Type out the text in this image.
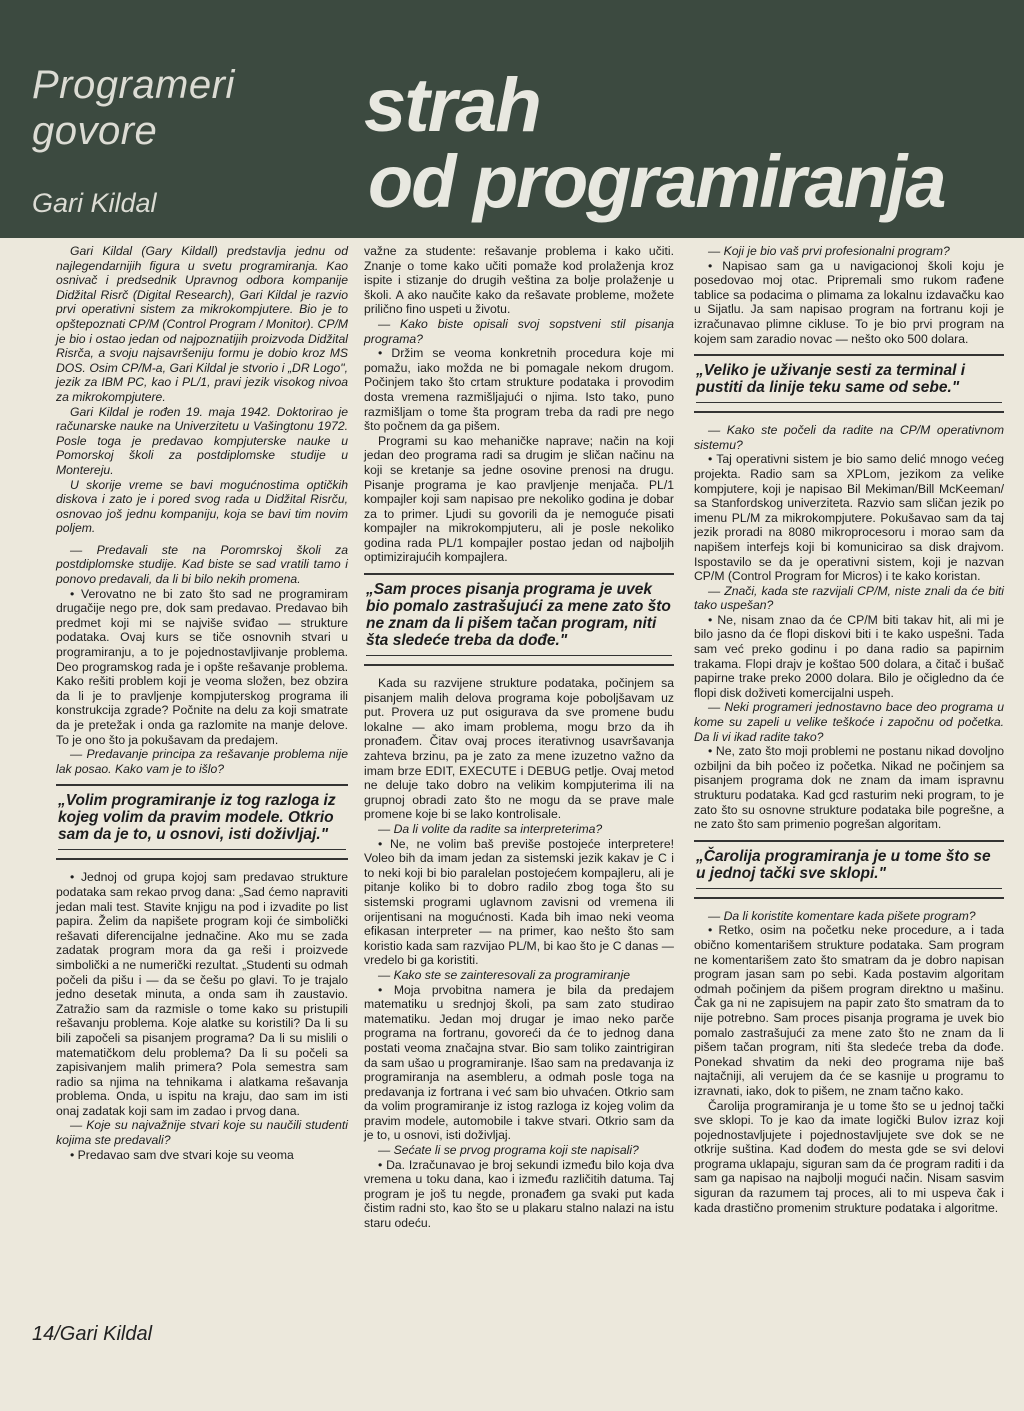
Programeri
govore
Gari Kildal
strah
od programiranja

Gari Kildal (Gary Kildall) predstavlja jednu od najlegendarnijih figura u svetu programiranja. Kao osnivač i predsednik Upravnog odbora kompanije Didžital Risrč (Digital Research), Gari Kildal je razvio prvi operativni sistem za mikrokompjutere. Bio je to opštepoznati CP/M (Control Program / Monitor). CP/M je bio i ostao jedan od najpoznatijih proizvoda Didžital Risrča, a svoju najsavršeniju formu je dobio kroz MS DOS. Osim CP/M-a, Gari Kildal je stvorio i „DR Logo", jezik za IBM PC, kao i PL/1, pravi jezik visokog nivoa za mikrokompjutere.

Gari Kildal je rođen 19. maja 1942. Doktorirao je računarske nauke na Univerzitetu u Vašingtonu 1972. Posle toga je predavao kompjuterske nauke u Pomorskoj školi za postdiplomske studije u Montereju.

U skorije vreme se bavi mogućnostima optičkih diskova i zato je i pored svog rada u Didžital Risrču, osnovao još jednu kompaniju, koja se bavi tim novim poljem.

— Predavali ste na Poromrskoj školi za postdiplomske studije. Kad biste se sad vratili tamo i ponovo predavali, da li bi bilo nekih promena.

• Verovatno ne bi zato što sad ne programiram drugačije nego pre, dok sam predavao. Predavao bih predmet koji mi se najviše sviđao — strukture podataka. Ovaj kurs se tiče osnovnih stvari u programiranju, a to je pojednostavljivanje problema. Deo programskog rada je i opšte rešavanje problema. Kako rešiti problem koji je veoma složen, bez obzira da li je to pravljenje kompjuterskog programa ili konstrukcija zgrade? Počnite na delu za koji smatrate da je pretežak i onda ga razlomite na manje delove. To je ono što ja pokušavam da predajem.

— Predavanje principa za rešavanje problema nije lak posao. Kako vam je to išlo?

„Volim programiranje iz tog razloga iz kojeg volim da pravim modele. Otkrio sam da je to, u osnovi, isti doživljaj."

• Jednoj od grupa kojoj sam predavao strukture podataka sam rekao prvog dana: „Sad ćemo napraviti jedan mali test. Stavite knjigu na pod i izvadite po list papira. Želim da napišete program koji će simbolički rešavati diferencijalne jednačine. Ako mu se zada zadatak program mora da ga reši i proizvede simbolički a ne numerički rezultat. „Studenti su odmah počeli da pišu i — da se češu po glavi. To je trajalo jedno desetak minuta, a onda sam ih zaustavio. Zatražio sam da razmisle o tome kako su pristupili rešavanju problema. Koje alatke su koristili? Da li su bili započeli sa pisanjem programa? Da li su mislili o matematičkom delu problema? Da li su počeli sa zapisivanjem malih primera? Pola semestra sam radio sa njima na tehnikama i alatkama rešavanja problema. Onda, u ispitu na kraju, dao sam im isti onaj zadatak koji sam im zadao i prvog dana.

— Koje su najvažnije stvari koje su naučili studenti kojima ste predavali?

• Predavao sam dve stvari koje su veoma

važne za studente: rešavanje problema i kako učiti. Znanje o tome kako učiti pomaže kod prolaženja kroz ispite i stizanje do drugih veština za bolje prolaženje u školi. A ako naučite kako da rešavate probleme, možete prilično fino uspeti u životu.

— Kako biste opisali svoj sopstveni stil pisanja programa?

• Držim se veoma konkretnih procedura koje mi pomažu, iako možda ne bi pomagale nekom drugom. Počinjem tako što crtam strukture podataka i provodim dosta vremena razmišljajući o njima. Isto tako, puno razmišljam o tome šta program treba da radi pre nego što počnem da ga pišem.

Programi su kao mehaničke naprave; način na koji jedan deo programa radi sa drugim je sličan načinu na koji se kretanje sa jedne osovine prenosi na drugu. Pisanje programa je kao pravljenje menjača. PL/1 kompajler koji sam napisao pre nekoliko godina je dobar za to primer. Ljudi su govorili da je nemoguće pisati kompajler na mikrokompjuteru, ali je posle nekoliko godina rada PL/1 kompajler postao jedan od najboljih optimizirajućih kompajlera.

„Sam proces pisanja programa je uvek bio pomalo zastrašujući za mene zato što ne znam da li pišem tačan program, niti šta sledeće treba da dođe."

Kada su razvijene strukture podataka, počinjem sa pisanjem malih delova programa koje poboljšavam uz put. Provera uz put osigurava da sve promene budu lokalne — ako imam problema, mogu brzo da ih pronađem. Čitav ovaj proces iterativnog usavršavanja zahteva brzinu, pa je zato za mene izuzetno važno da imam brze EDIT, EXECUTE i DEBUG petlje. Ovaj metod ne deluje tako dobro na velikim kompjuterima ili na grupnoj obradi zato što ne mogu da se prave male promene koje bi se lako kontrolisale.

— Da li volite da radite sa interpreterima?

• Ne, ne volim baš previše postojeće interpretere! Voleo bih da imam jedan za sistemski jezik kakav je C i to neki koji bi bio paralelan postojećem kompajleru, ali je pitanje koliko bi to dobro radilo zbog toga što su sistemski programi uglavnom zavisni od vremena ili orijentisani na mogućnosti. Kada bih imao neki veoma efikasan interpreter — na primer, kao nešto što sam koristio kada sam razvijao PL/M, bi kao što je C danas — vredelo bi ga koristiti.

— Kako ste se zainteresovali za programiranje

• Moja prvobitna namera je bila da predajem matematiku u srednjoj školi, pa sam zato studirao matematiku. Jedan moj drugar je imao neko parče programa na fortranu, govoreći da će to jednog dana postati veoma značajna stvar. Bio sam toliko zaintrigiran da sam ušao u programiranje. Išao sam na predavanja iz programiranja na asembleru, a odmah posle toga na predavanja iz fortrana i već sam bio uhvaćen. Otkrio sam da volim programiranje iz istog razloga iz kojeg volim da pravim modele, automobile i takve stvari. Otkrio sam da je to, u osnovi, isti doživljaj.

— Sećate li se prvog programa koji ste napisali?

• Da. Izračunavao je broj sekundi između bilo koja dva vremena u toku dana, kao i između različitih datuma. Taj program je još tu negde, pronađem ga svaki put kada čistim radni sto, kao što se u plakaru stalno nalazi na istu staru odeću.

— Koji je bio vaš prvi profesionalni program?

• Napisao sam ga u navigacionoj školi koju je posedovao moj otac. Pripremali smo rukom rađene tablice sa podacima o plimama za lokalnu izdavačku kao u Sijatlu. Ja sam napisao program na fortranu koji je izračunavao plimne cikluse. To je bio prvi program na kojem sam zaradio novac — nešto oko 500 dolara.

„Veliko je uživanje sesti za terminal i pustiti da linije teku same od sebe."

— Kako ste počeli da radite na CP/M operativnom sistemu?

• Taj operativni sistem je bio samo delić mnogo većeg projekta. Radio sam sa XPLom, jezikom za velike kompjutere, koji je napisao Bil Mekiman/Bill McKeeman/ sa Stanfordskog univerziteta. Razvio sam sličan jezik po imenu PL/M za mikrokompjutere. Pokušavao sam da taj jezik proradi na 8080 mikroprocesoru i morao sam da napišem interfejs koji bi komunicirao sa disk drajvom. Ispostavilo se da je operativni sistem, koji je nazvan CP/M (Control Program for Micros) i te kako koristan.

— Znači, kada ste razvijali CP/M, niste znali da će biti tako uspešan?

• Ne, nisam znao da će CP/M biti takav hit, ali mi je bilo jasno da će flopi diskovi biti i te kako uspešni. Tada sam već preko godinu i po dana radio sa papirnim trakama. Flopi drajv je koštao 500 dolara, a čitač i bušač papirne trake preko 2000 dolara. Bilo je očigledno da će flopi disk doživeti komercijalni uspeh.

— Neki programeri jednostavno bace deo programa u kome su zapeli u velike teškoće i započnu od početka. Da li vi ikad radite tako?

• Ne, zato što moji problemi ne postanu nikad dovoljno ozbiljni da bih počeo iz početka. Nikad ne počinjem sa pisanjem programa dok ne znam da imam ispravnu strukturu podataka. Kad gcd rasturim neki program, to je zato što su osnovne strukture podataka bile pogrešne, a ne zato što sam primenio pogrešan algoritam.

„Čarolija programiranja je u tome što se u jednoj tački sve sklopi."

— Da li koristite komentare kada pišete program?

• Retko, osim na početku neke procedure, a i tada obično komentarišem strukture podataka. Sam program ne komentarišem zato što smatram da je dobro napisan program jasan sam po sebi. Kada postavim algoritam odmah počinjem da pišem program direktno u mašinu. Čak ga ni ne zapisujem na papir zato što smatram da to nije potrebno. Sam proces pisanja programa je uvek bio pomalo zastrašujući za mene zato što ne znam da li pišem tačan program, niti šta sledeće treba da dođe. Ponekad shvatim da neki deo programa nije baš najtačniji, ali verujem da će se kasnije u programu to izravnati, iako, dok to pišem, ne znam tačno kako.

Čarolija programiranja je u tome što se u jednoj tački sve sklopi. To je kao da imate logički Bulov izraz koji pojednostavljujete i pojednostavljujete sve dok se ne otkrije suština. Kad dođem do mesta gde se svi delovi programa uklapaju, siguran sam da će program raditi i da sam ga napisao na najbolji mogući način. Nisam sasvim siguran da razumem taj proces, ali to mi uspeva čak i kada drastično promenim strukture podataka i algoritme.

14/Gari Kildal
